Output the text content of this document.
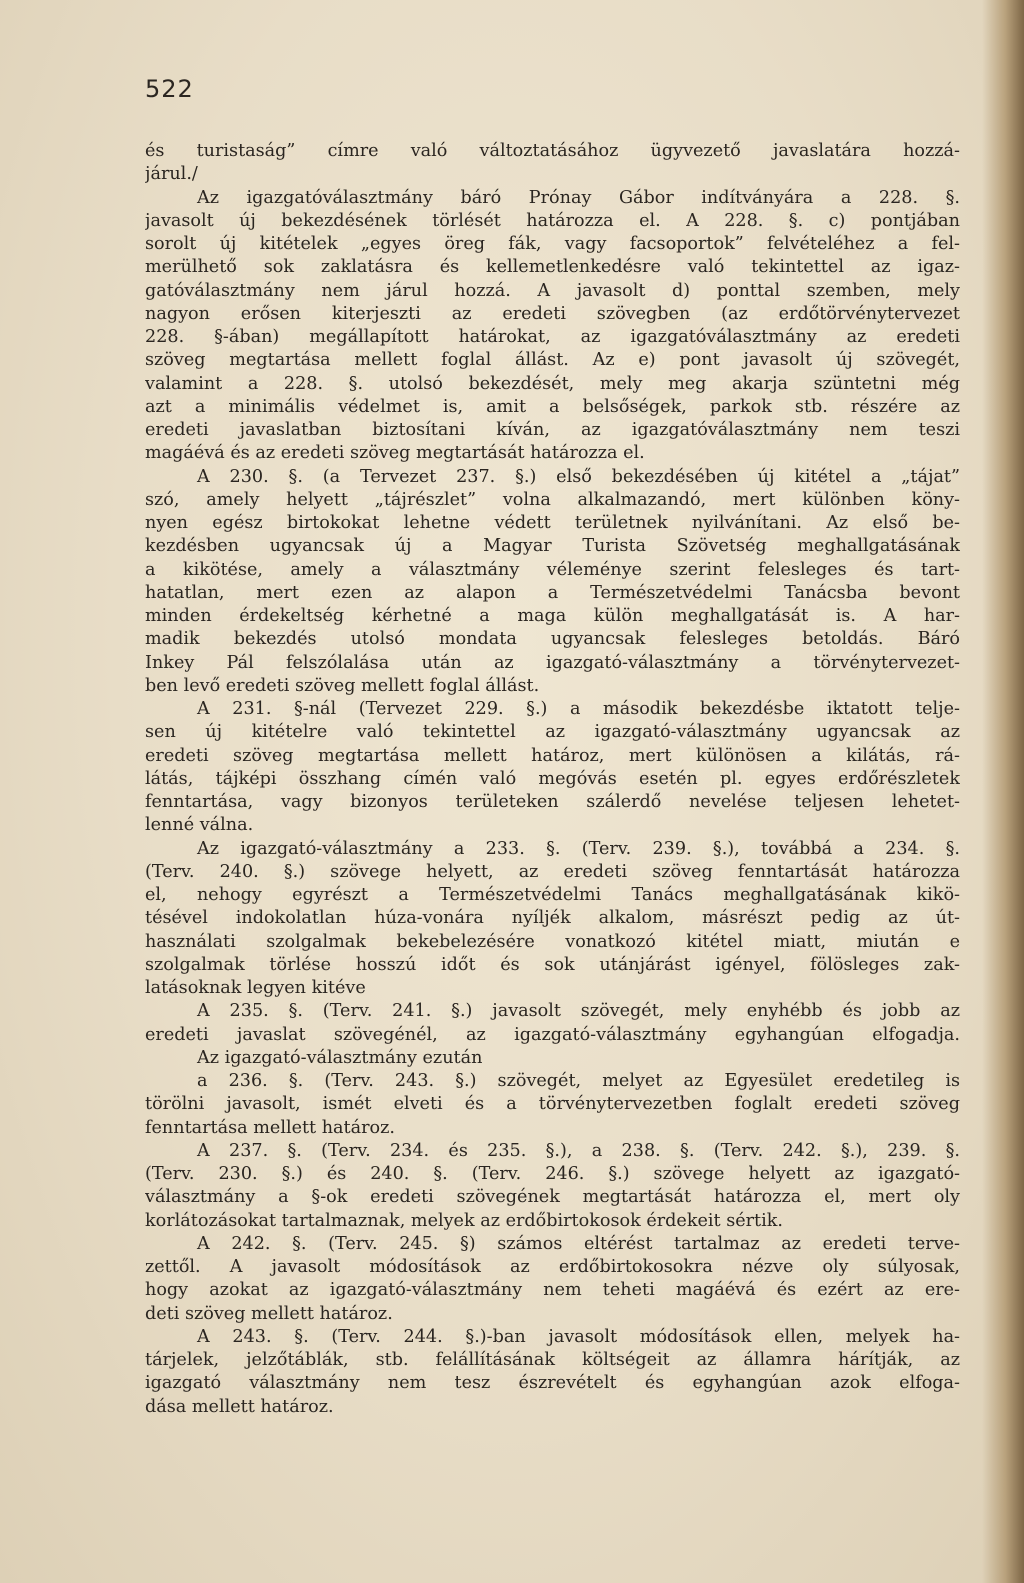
522
és turistaság” címre való változtatásához ügyvezető javaslatára hozzá-
járul./
Az igazgatóválasztmány báró Prónay Gábor indítványára a 228. §.
javasolt új bekezdésének törlését határozza el. A 228. §. c) pontjában
sorolt új kitételek „egyes öreg fák, vagy facsoportok” felvételéhez a fel-
merülhető sok zaklatásra és kellemetlenkedésre való tekintettel az igaz-
gatóválasztmány nem járul hozzá. A javasolt d) ponttal szemben, mely
nagyon erősen kiterjeszti az eredeti szövegben (az erdőtörvénytervezet
228. §-ában) megállapított határokat, az igazgatóválasztmány az eredeti
szöveg megtartása mellett foglal állást. Az e) pont javasolt új szövegét,
valamint a 228. §. utolsó bekezdését, mely meg akarja szüntetni még
azt a minimális védelmet is, amit a belsőségek, parkok stb. részére az
eredeti javaslatban biztosítani kíván, az igazgatóválasztmány nem teszi
magáévá és az eredeti szöveg megtartását határozza el.
A 230. §. (a Tervezet 237. §.) első bekezdésében új kitétel a „tájat”
szó, amely helyett „tájrészlet” volna alkalmazandó, mert különben köny-
nyen egész birtokokat lehetne védett területnek nyilvánítani. Az első be-
kezdésben ugyancsak új a Magyar Turista Szövetség meghallgatásának
a kikötése, amely a választmány véleménye szerint felesleges és tart-
hatatlan, mert ezen az alapon a Természetvédelmi Tanácsba bevont
minden érdekeltség kérhetné a maga külön meghallgatását is. A har-
madik bekezdés utolsó mondata ugyancsak felesleges betoldás. Báró
Inkey Pál felszólalása után az igazgató-választmány a törvénytervezet-
ben levő eredeti szöveg mellett foglal állást.
A 231. §-nál (Tervezet 229. §.) a második bekezdésbe iktatott telje-
sen új kitételre való tekintettel az igazgató-választmány ugyancsak az
eredeti szöveg megtartása mellett határoz, mert különösen a kilátás, rá-
látás, tájképi összhang címén való megóvás esetén pl. egyes erdőrészletek
fenntartása, vagy bizonyos területeken szálerdő nevelése teljesen lehetet-
lenné válna.
Az igazgató-választmány a 233. §. (Terv. 239. §.), továbbá a 234. §.
(Terv. 240. §.) szövege helyett, az eredeti szöveg fenntartását határozza
el, nehogy egyrészt a Természetvédelmi Tanács meghallgatásának kikö-
tésével indokolatlan húza-vonára nyíljék alkalom, másrészt pedig az út-
használati szolgalmak bekebelezésére vonatkozó kitétel miatt, miután e
szolgalmak törlése hosszú időt és sok utánjárást igényel, fölösleges zak-
latásoknak legyen kitéve
A 235. §. (Terv. 241. §.) javasolt szövegét, mely enyhébb és jobb az
eredeti javaslat szövegénél, az igazgató-választmány egyhangúan elfogadja.
Az igazgató-választmány ezután
a 236. §. (Terv. 243. §.) szövegét, melyet az Egyesület eredetileg is
törölni javasolt, ismét elveti és a törvénytervezetben foglalt eredeti szöveg
fenntartása mellett határoz.
A 237. §. (Terv. 234. és 235. §.), a 238. §. (Terv. 242. §.), 239. §.
(Terv. 230. §.) és 240. §. (Terv. 246. §.) szövege helyett az igazgató-
választmány a §-ok eredeti szövegének megtartását határozza el, mert oly
korlátozásokat tartalmaznak, melyek az erdőbirtokosok érdekeit sértik.
A 242. §. (Terv. 245. §) számos eltérést tartalmaz az eredeti terve-
zettől. A javasolt módosítások az erdőbirtokosokra nézve oly súlyosak,
hogy azokat az igazgató-választmány nem teheti magáévá és ezért az ere-
deti szöveg mellett határoz.
A 243. §. (Terv. 244. §.)-ban javasolt módosítások ellen, melyek ha-
tárjelek, jelzőtáblák, stb. felállításának költségeit az államra hárítják, az
igazgató választmány nem tesz észrevételt és egyhangúan azok elfoga-
dása mellett határoz.
